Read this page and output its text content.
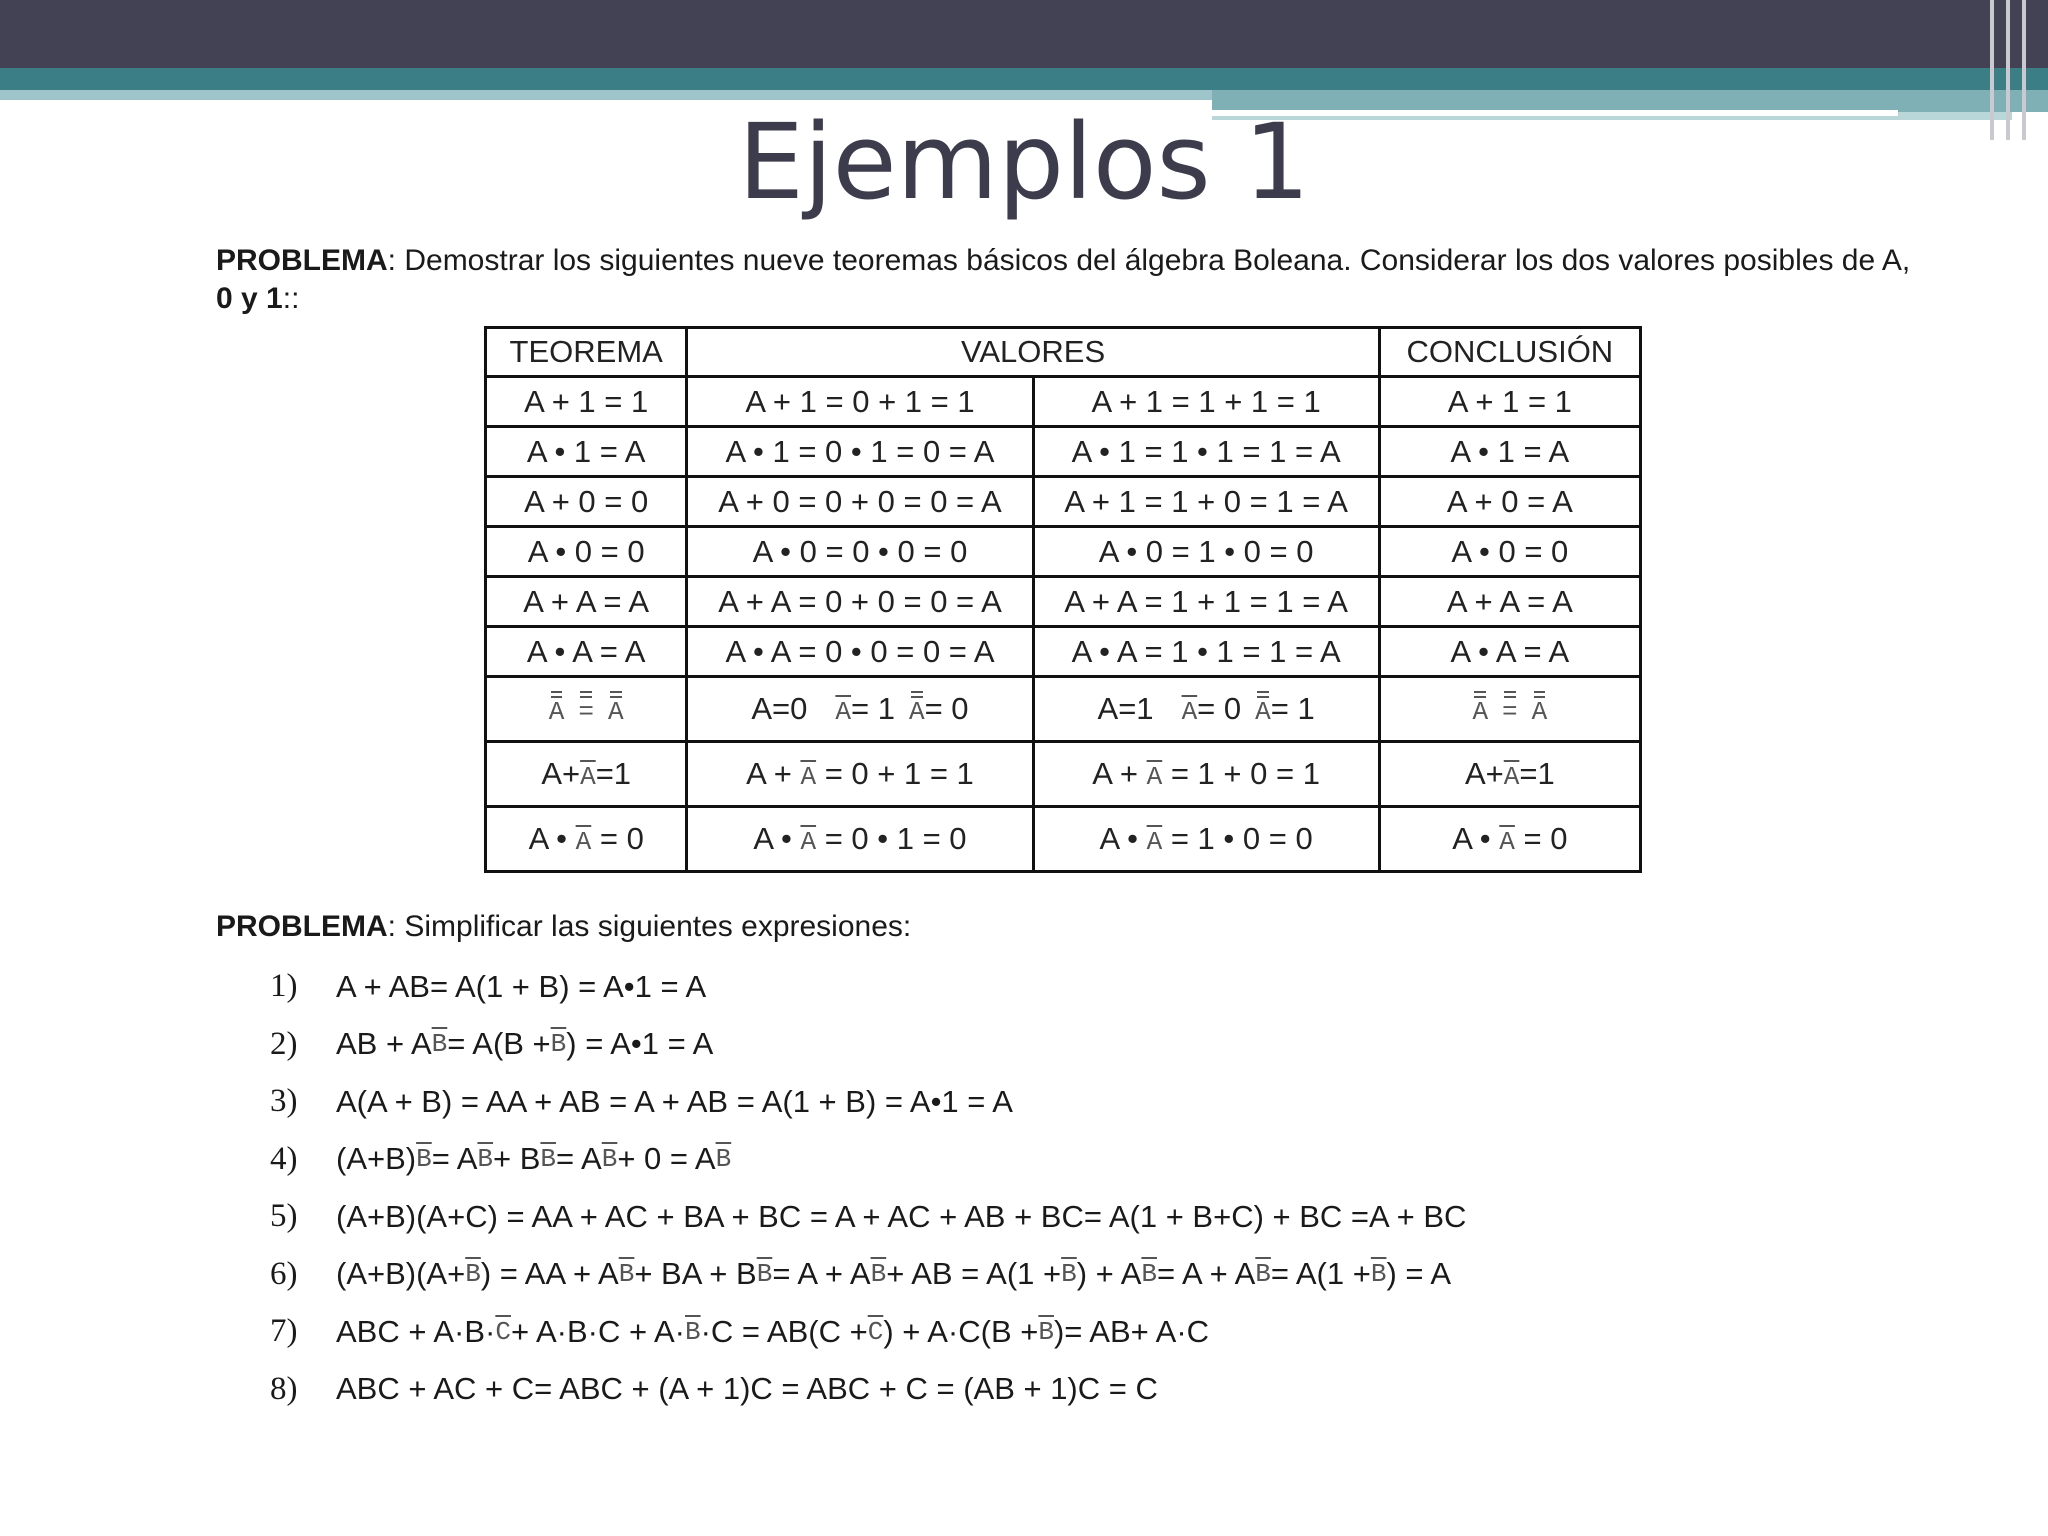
Ejemplos 1
PROBLEMA: Demostrar los siguientes nueve teoremas básicos del álgebra Boleana. Considerar los dos valores posibles de A, 0 y 1::
TEOREMA	VALORES		CONCLUSIÓN
A + 1 = 1	A + 1 = 0 + 1 = 1	A + 1 = 1 + 1 = 1	A + 1 = 1
A • 1 = A	A • 1 = 0 • 1 = 0 = A	A • 1 = 1 • 1 = 1 = A	A • 1 = A
A + 0 = 0	A + 0 = 0 + 0 = 0 = A	A + 1 = 1 + 0 = 1 = A	A + 0 = A
A • 0 = 0	A • 0 = 0 • 0 = 0	A • 0 = 1 • 0 = 0	A • 0 = 0
A + A = A	A + A = 0 + 0 = 0 = A	A + A = 1 + 1 = 1 = A	A + A = A
A • A = A	A • A = 0 • 0 = 0 = A	A • A = 1 • 1 = 1 = A	A • A = A
A = A	A=0 $\overline{A}= 1$ A= 0	A=1 $\overline{A}= 0$ A= 1	A = A
$A+\overline{A}=1$	$A + \overline{A} = 0 + 1 = 1$	$A + \overline{A} = 1 + 0 = 1$	$A+\overline{A}=1$
A • $\overline{A} = 0$	A • $\overline{A} = 0$ • 1 = 0	A • $\overline{A} = 1$ • 0 = 0	A • $\overline{A} = 0$
PROBLEMA: Simplificar las siguientes expresiones:
1)	A + AB= A(1 + B) = A•1 = A
2)	AB + A $\overline{B} = A(B + \overline{B}$ ) = A•1 = A
3)	A(A + B) = AA + AB = A + AB = A(1 + B) = A•1 = A
4)	(A+B) $\overline{B} = A$ $\overline{B} + B$ $\overline{B} = A$ $\overline{B} + 0 = A$ $\overline{B}$
5)	(A+B)(A+C) = AA + AC + BA + BC = A + AC + AB + BC= A(1 + B+C) + BC =A + BC
6)	$(A+B)(A+ \overline{B}$ ) = AA + A $\overline{B}$ + BA + B $\overline{B} = A + A$ $\overline{B}$ + AB = $A(1 + \overline{B}$ ) + A $\overline{B} = A + A$ $\overline{B} = A(1 + \overline{B}$ ) = A
7)	ABC + $A\cdot B\cdot \overline{C} + A\cdot B\cdot C + A\cdot \overline{B} \cdot C = AB(C + \overline{C}$ ) + $A\cdot C(B + \overline{B}$ )= AB+ A·C
8)	ABC + AC + C= ABC + (A + 1)C = ABC + C = (AB + 1)C = C
